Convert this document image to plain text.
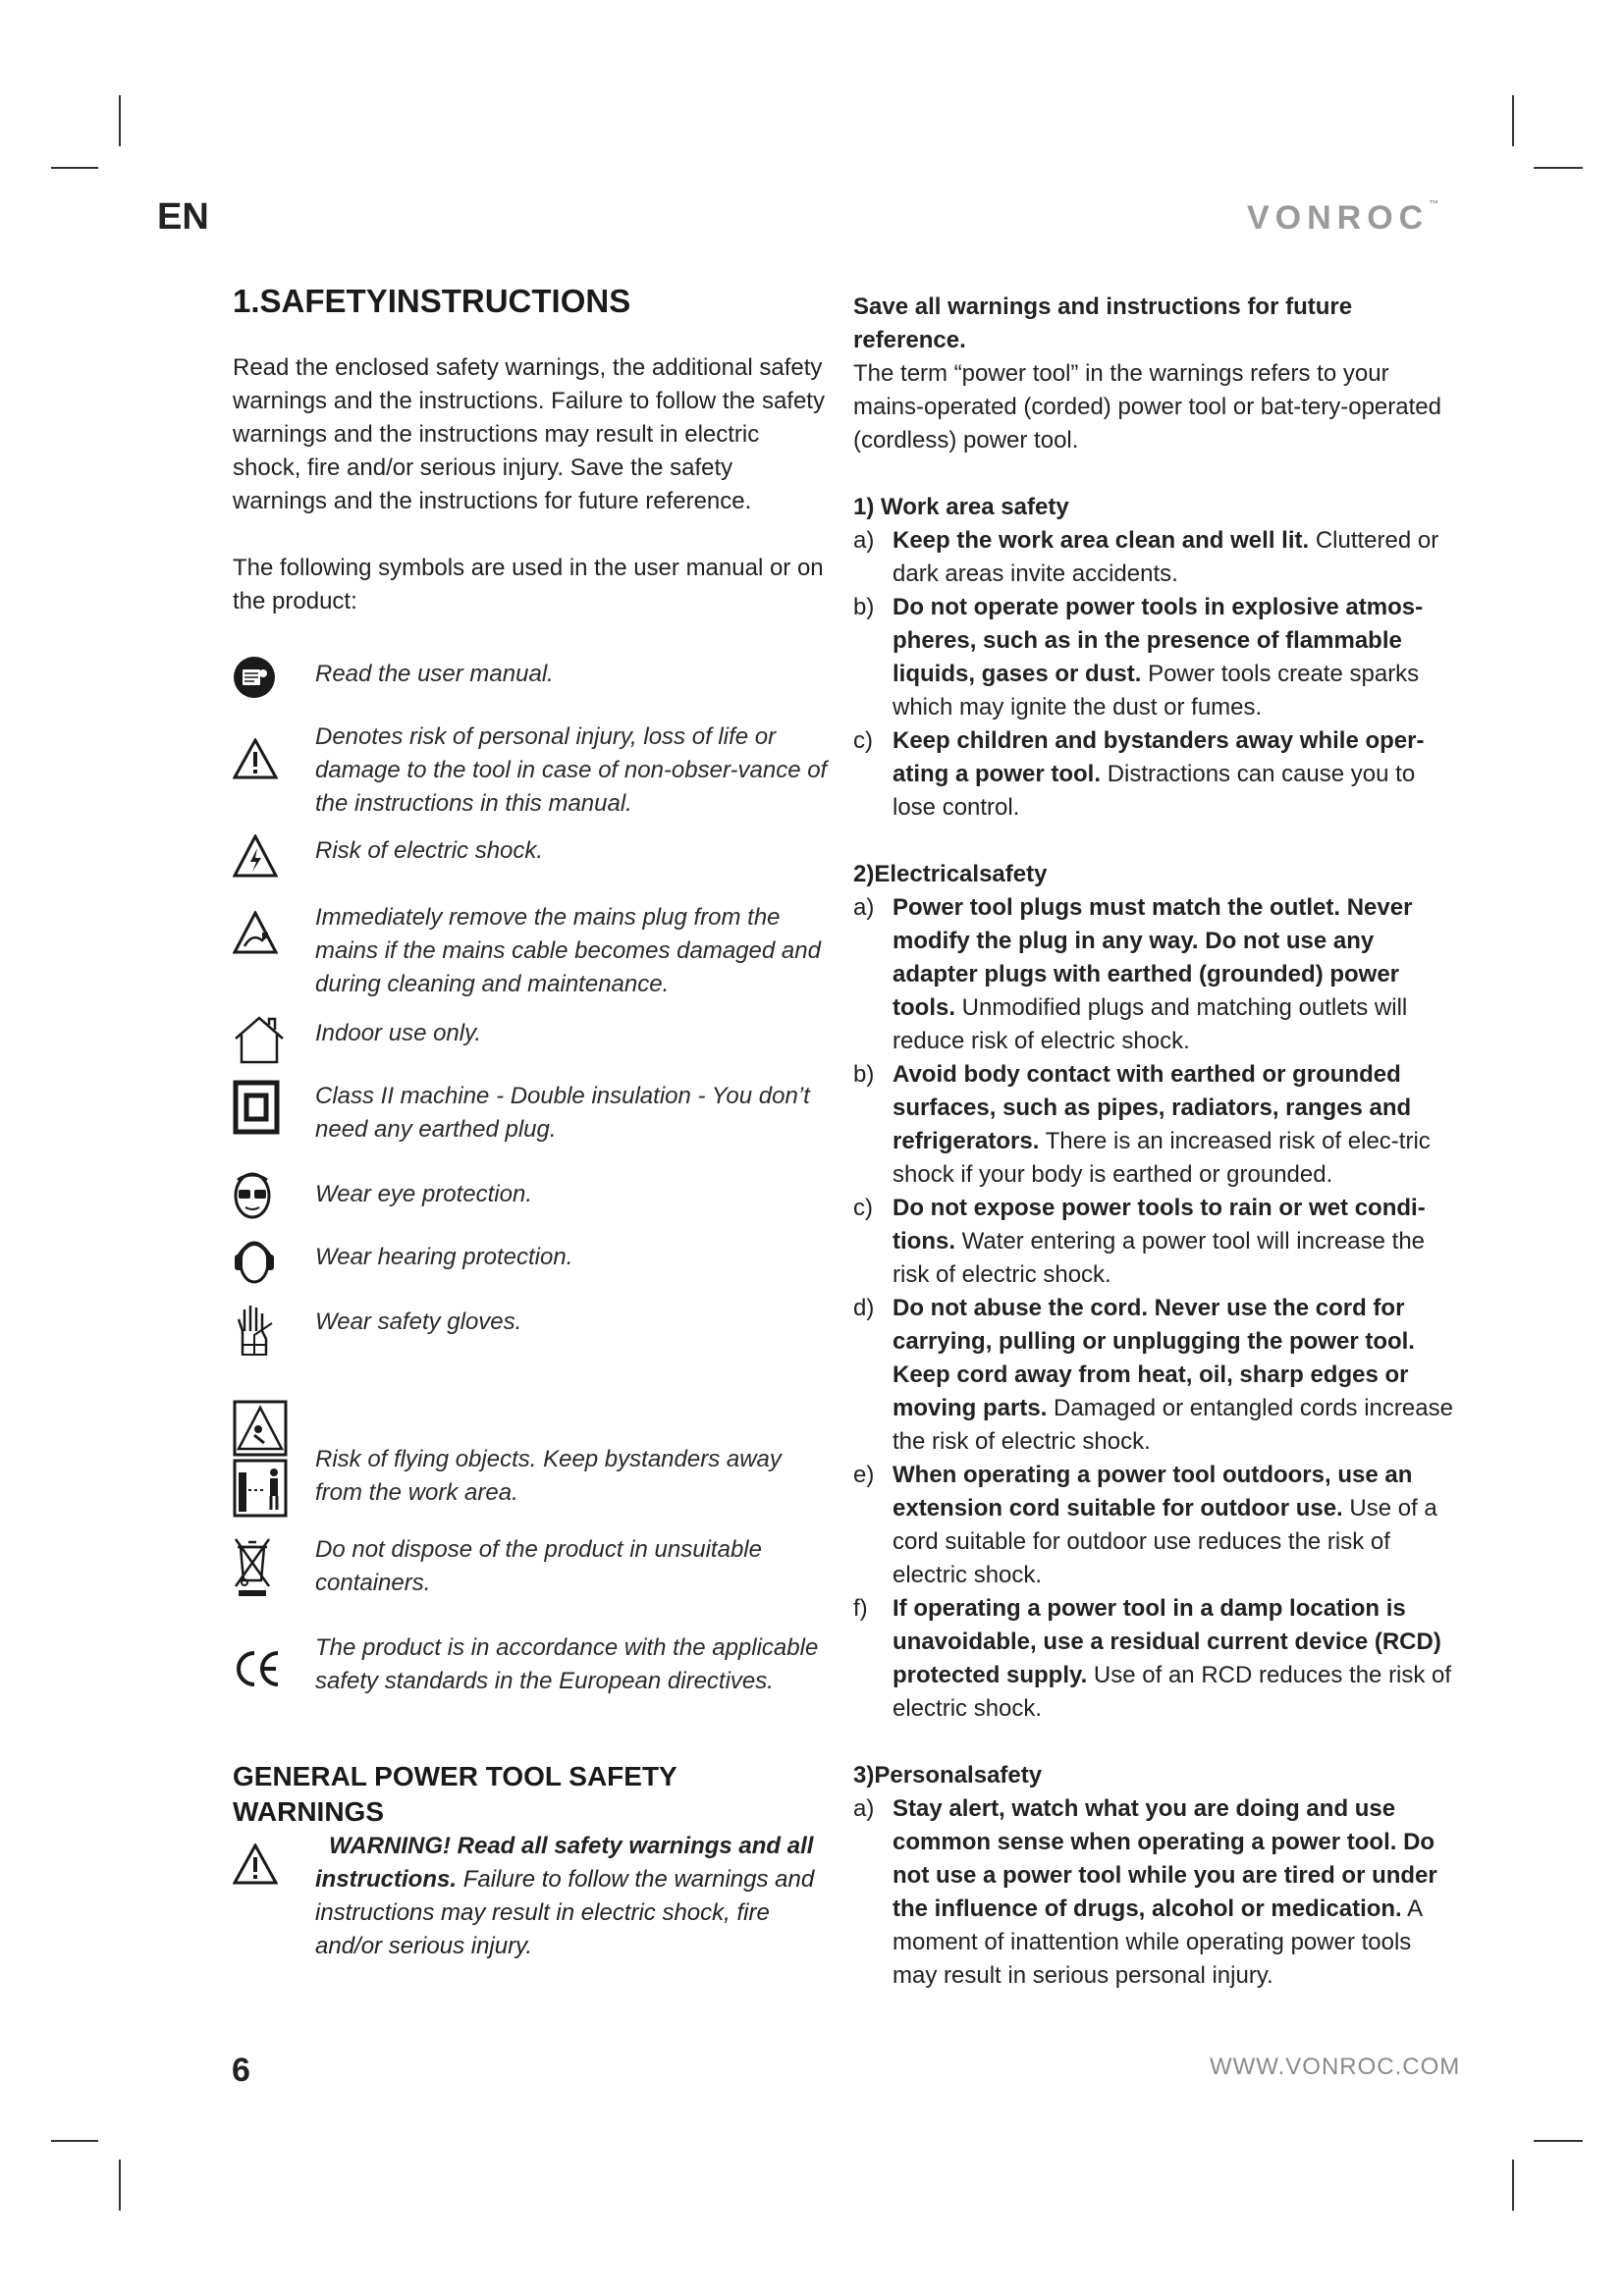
EN	VONROC™
1.SAFETYINSTRUCTIONS

Read the enclosed safety warnings, the additional safety warnings and the instructions. Failure to follow the safety warnings and the instructions may result in electric shock, fire and/or serious injury. Save the safety warnings and the instructions for future reference.

The following symbols are used in the user manual or on the product:

Read the user manual.
Denotes risk of personal injury, loss of life or damage to the tool in case of non-obser-vance of the instructions in this manual.
Risk of electric shock.
Immediately remove the mains plug from the mains if the mains cable becomes damaged and during cleaning and maintenance.
Indoor use only.
Class II machine - Double insulation - You don’t need any earthed plug.
Wear eye protection.
Wear hearing protection.
Wear safety gloves.
Risk of flying objects. Keep bystanders away from the work area.
Do not dispose of the product in unsuitable containers.
The product is in accordance with the applicable safety standards in the European directives.
GENERAL POWER TOOL SAFETY WARNINGS
WARNING! Read all safety warnings and all instructions. Failure to follow the warnings and instructions may result in electric shock, fire and/or serious injury.

Save all warnings and instructions for future reference.

The term “power tool” in the warnings refers to your mains-operated (corded) power tool or bat-tery-operated (cordless) power tool.

1) Work area safety
a) Keep the work area clean and well lit. Cluttered or dark areas invite accidents.
b) Do not operate power tools in explosive atmos-pheres, such as in the presence of flammable liquids, gases or dust. Power tools create sparks which may ignite the dust or fumes.
c) Keep children and bystanders away while oper-ating a power tool. Distractions can cause you to lose control.
2)Electricalsafety
a) Power tool plugs must match the outlet. Never modify the plug in any way. Do not use any adapter plugs with earthed (grounded) power tools. Unmodified plugs and matching outlets will reduce risk of electric shock.
b) Avoid body contact with earthed or grounded surfaces, such as pipes, radiators, ranges and refrigerators. There is an increased risk of elec-tric shock if your body is earthed or grounded.
c) Do not expose power tools to rain or wet condi-tions. Water entering a power tool will increase the risk of electric shock.
d) Do not abuse the cord. Never use the cord for carrying, pulling or unplugging the power tool. Keep cord away from heat, oil, sharp edges or moving parts. Damaged or entangled cords increase the risk of electric shock.
e) When operating a power tool outdoors, use an extension cord suitable for outdoor use. Use of a cord suitable for outdoor use reduces the risk of electric shock.
f)	If operating a power tool in a damp location is unavoidable, use a residual current device (RCD) protected supply. Use of an RCD reduces the risk of electric shock.
3)Personalsafety
a) Stay alert, watch what you are doing and use common sense when operating a power tool. Do not use a power tool while you are tired or under the influence of drugs, alcohol or medication. A moment of inattention while operating power tools may result in serious personal injury.
6	WWW.VONROC.COM
